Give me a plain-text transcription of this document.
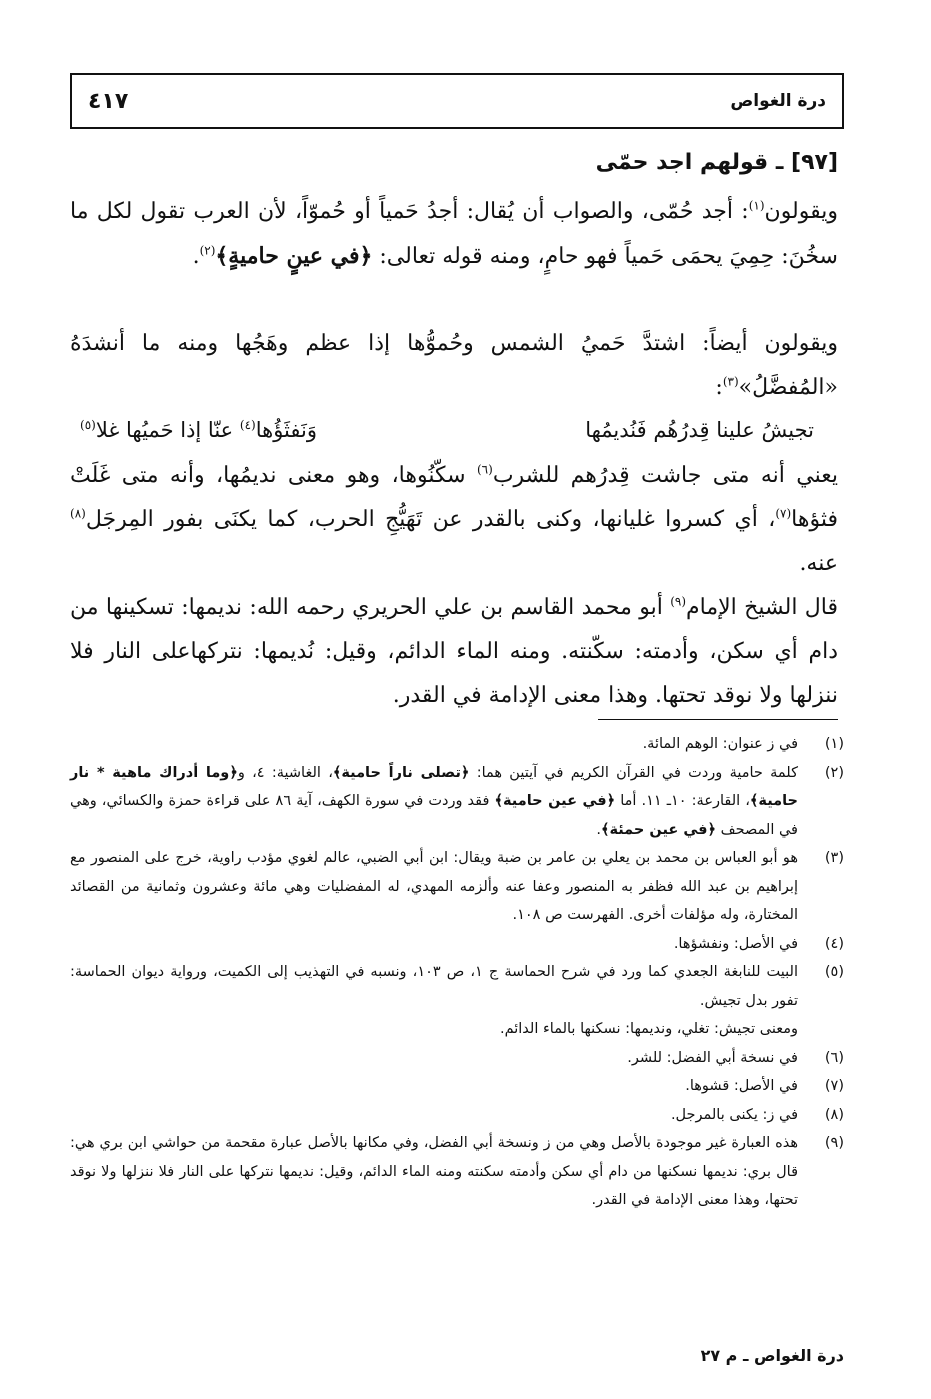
٤١٧	درة الغواص
[٩٧] ـ قولهم اجد حمّى
ويقولون$^{(١)}$: أجد حُمّى، والصواب أن يُقال: أجدُ حَمياً أو حُموّاً، لأن العرب تقول لكل ما سخُنَ: حِمِيَ يحمَى حَمياً فهو حامٍ، ومنه قوله تعالى: ﴿في عينٍ حاميةٍ﴾$^{(٢)}$.
ويقولون أيضاً: اشتدَّ حَميُ الشمس وحُموُّها إذا عظم وهَجُها ومنه ما أنشدَهُ «المُفضَّلُ»$^{(٣)}$:
تجيشُ علينا قِدرُهُم فَنُديمُها
وَنَفثَؤُها$^{(٤)}$ عنّا إذا حَميُها غلا$^{(٥)}$
يعني أنه متى جاشت قِدرُهم للشرب$^{(٦)}$ سكّنُوها، وهو معنى نديمُها، وأنه متى غَلَتْ فثؤها$^{(٧)}$، أي كسروا غليانها، وكنى بالقدر عن تَهَيُّجِ الحرب، كما يكنَى بفور المِرجَل$^{(٨)}$ عنه.
قال الشيخ الإمام$^{(٩)}$ أبو محمد القاسم بن علي الحريري رحمه الله: نديمها: تسكينها من دام أي سكن، وأدمته: سكّنته. ومنه الماء الدائم، وقيل: نُديمها: نتركهاعلى النار فلا ننزلها ولا نوقد تحتها. وهذا معنى الإدامة في القدر.
(١)
في ز عنوان: الوهم المائة.
(٢)
كلمة حامية وردت في القرآن الكريم في آيتين هما: ﴿تصلى ناراً حامية﴾، الغاشية: ٤، و﴿وما أدراك ماهية * نار حامية﴾، القارعة: ١٠ـ ١١. أما ﴿في عين حامية﴾ فقد وردت في سورة الكهف، آية ٨٦ على قراءة حمزة والكسائي، وهي في المصحف ﴿في عين حمئة﴾.
(٣)
هو أبو العباس بن محمد بن يعلي بن عامر بن ضبة ويقال: ابن أبي الضبي، عالم لغوي مؤدب راوية، خرج على المنصور مع إبراهيم بن عبد الله فظفر به المنصور وعفا عنه وألزمه المهدي، له المفضليات وهي مائة وعشرون وثمانية من القصائد المختارة، وله مؤلفات أخرى. الفهرست ص ١٠٨.
(٤)
في الأصل: ونفشؤها.
(٥)
البيت للنابغة الجعدي كما ورد في شرح الحماسة ج ١، ص ١٠٣، ونسبه في التهذيب إلى الكميت، ورواية ديوان الحماسة: تفور بدل تجيش.
ومعنى تجيش: تغلي، ونديمها: نسكنها بالماء الدائم.
(٦)
في نسخة أبي الفضل: للشر.
(٧)
في الأصل: قشوها.
(٨)
في ز: يكنى بالمرجل.
(٩)
هذه العبارة غير موجودة بالأصل وهي من ز ونسخة أبي الفضل، وفي مكانها بالأصل عبارة مقحمة من حواشي ابن بري هي: قال بري: نديمها نسكنها من دام أي سكن وأدمته سكنته ومنه الماء الدائم، وقيل: نديمها نتركها على النار فلا ننزلها ولا نوقد تحتها، وهذا معنى الإدامة في القدر.
درة الغواص ـ م ٢٧
